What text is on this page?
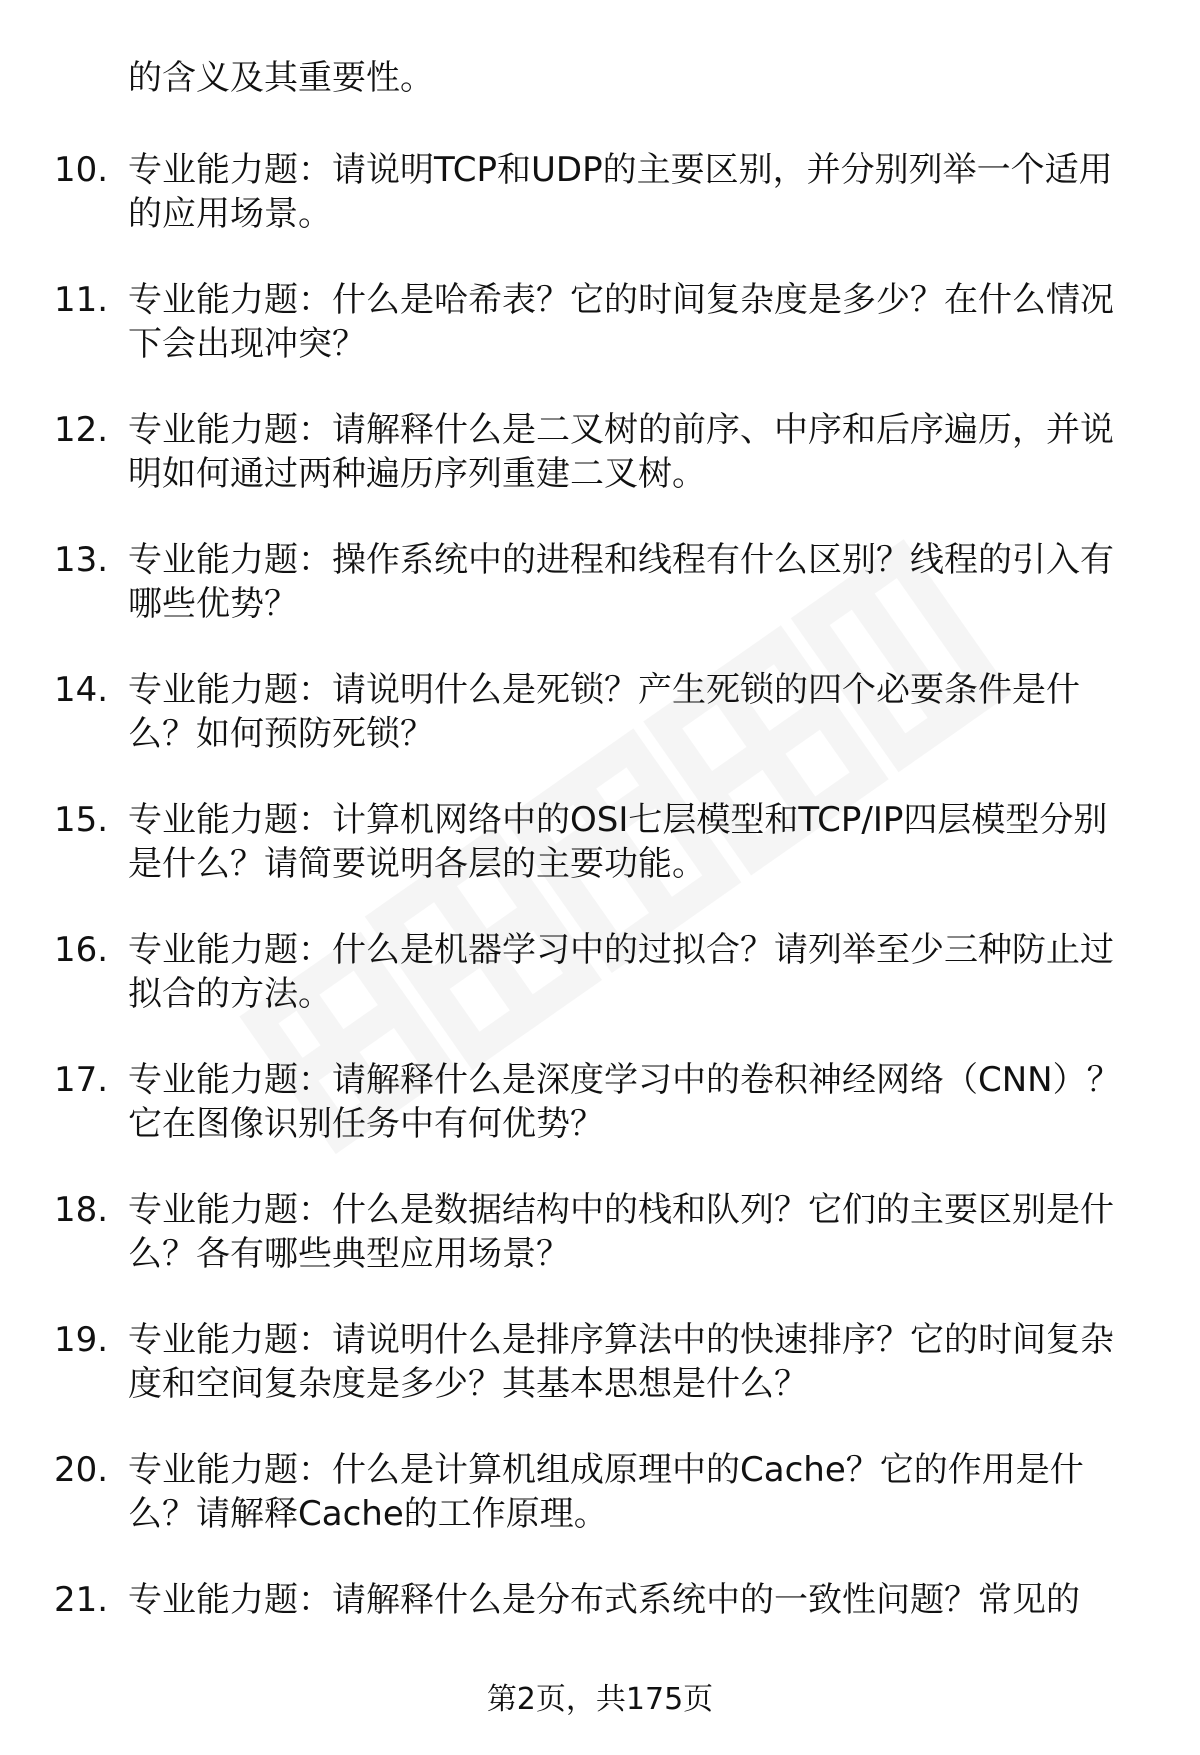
的含义及其重要性。
10. 专业能力题：请说明TCP和UDP的主要区别，并分别列举一个适用的应用场景。
11. 专业能力题：什么是哈希表？它的时间复杂度是多少？在什么情况下会出现冲突？
12. 专业能力题：请解释什么是二叉树的前序、中序和后序遍历，并说明如何通过两种遍历序列重建二叉树。
13. 专业能力题：操作系统中的进程和线程有什么区别？线程的引入有哪些优势？
14. 专业能力题：请说明什么是死锁？产生死锁的四个必要条件是什么？如何预防死锁？
15. 专业能力题：计算机网络中的OSI七层模型和TCP/IP四层模型分别是什么？请简要说明各层的主要功能。
16. 专业能力题：什么是机器学习中的过拟合？请列举至少三种防止过拟合的方法。
17. 专业能力题：请解释什么是深度学习中的卷积神经网络（CNN）？它在图像识别任务中有何优势？
18. 专业能力题：什么是数据结构中的栈和队列？它们的主要区别是什么？各有哪些典型应用场景？
19. 专业能力题：请说明什么是排序算法中的快速排序？它的时间复杂度和空间复杂度是多少？其基本思想是什么？
20. 专业能力题：什么是计算机组成原理中的Cache？它的作用是什么？请解释Cache的工作原理。
21. 专业能力题：请解释什么是分布式系统中的一致性问题？常见的
第2页，共175页
